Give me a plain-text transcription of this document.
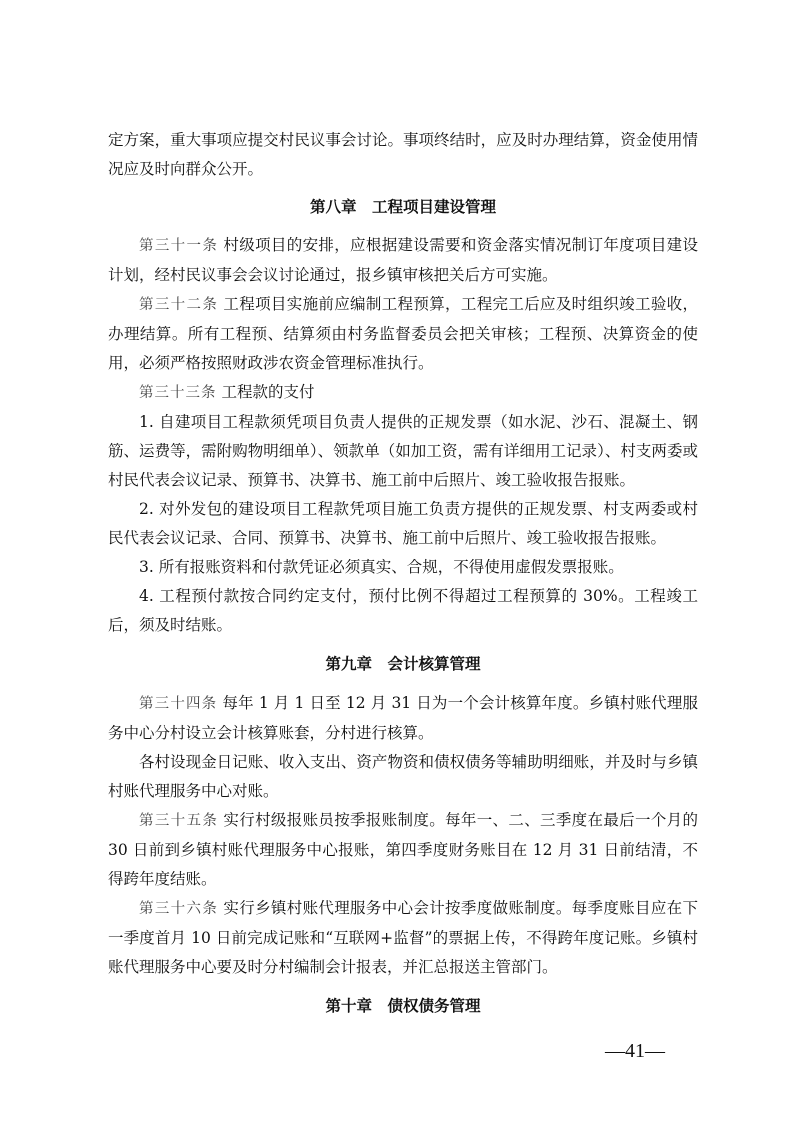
定方案，重大事项应提交村民议事会讨论。事项终结时，应及时办理结算，资金使用情况应及时向群众公开。

第八章　工程项目建设管理

第三十一条 村级项目的安排，应根据建设需要和资金落实情况制订年度项目建设计划，经村民议事会会议讨论通过，报乡镇审核把关后方可实施。

第三十二条 工程项目实施前应编制工程预算，工程完工后应及时组织竣工验收，办理结算。所有工程预、结算须由村务监督委员会把关审核；工程预、决算资金的使用，必须严格按照财政涉农资金管理标准执行。

第三十三条 工程款的支付

1. 自建项目工程款须凭项目负责人提供的正规发票（如水泥、沙石、混凝土、钢筋、运费等，需附购物明细单）、领款单（如加工资，需有详细用工记录）、村支两委或村民代表会议记录、预算书、决算书、施工前中后照片、竣工验收报告报账。

2. 对外发包的建设项目工程款凭项目施工负责方提供的正规发票、村支两委或村民代表会议记录、合同、预算书、决算书、施工前中后照片、竣工验收报告报账。

3. 所有报账资料和付款凭证必须真实、合规，不得使用虚假发票报账。

4. 工程预付款按合同约定支付，预付比例不得超过工程预算的 30%。工程竣工后，须及时结账。

第九章　会计核算管理

第三十四条 每年 1 月 1 日至 12 月 31 日为一个会计核算年度。乡镇村账代理服务中心分村设立会计核算账套，分村进行核算。

各村设现金日记账、收入支出、资产物资和债权债务等辅助明细账，并及时与乡镇村账代理服务中心对账。

第三十五条 实行村级报账员按季报账制度。每年一、二、三季度在最后一个月的 30 日前到乡镇村账代理服务中心报账，第四季度财务账目在 12 月 31 日前结清，不得跨年度结账。

第三十六条 实行乡镇村账代理服务中心会计按季度做账制度。每季度账目应在下一季度首月 10 日前完成记账和“互联网+监督”的票据上传，不得跨年度记账。乡镇村账代理服务中心要及时分村编制会计报表，并汇总报送主管部门。

第十章　债权债务管理

—41—
